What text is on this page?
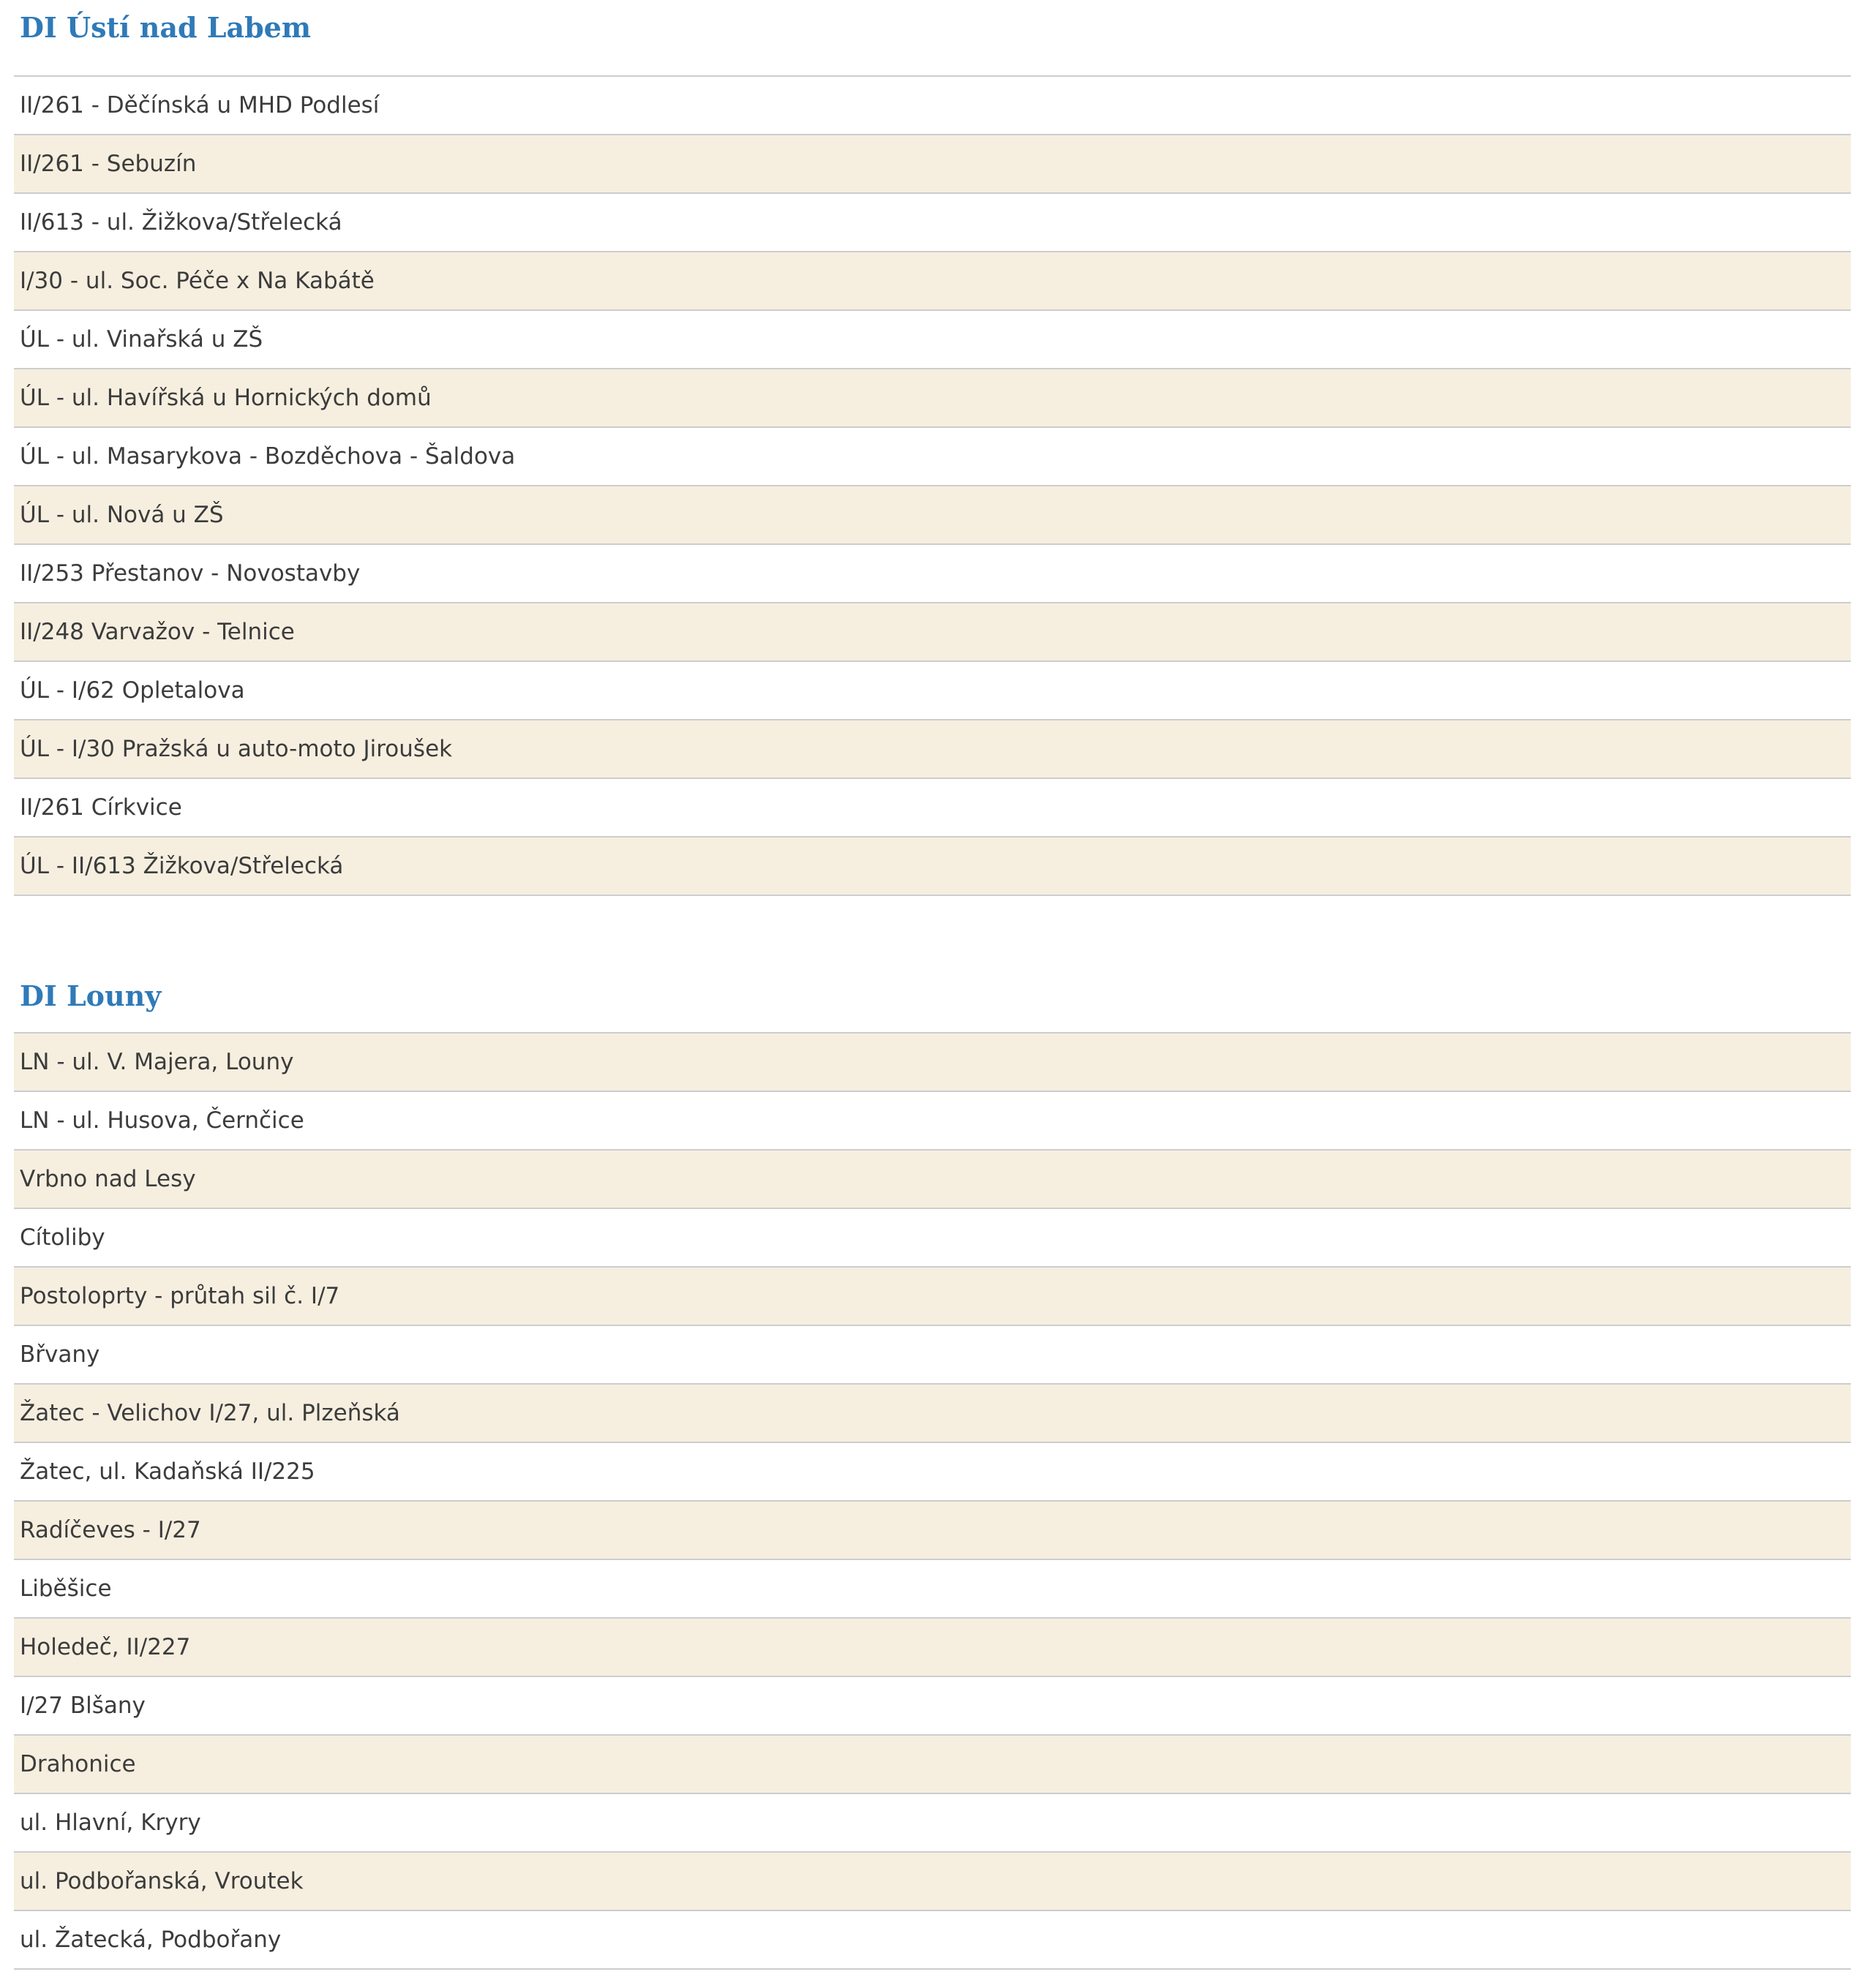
DI Ústí nad Labem
II/261 - Děčínská u MHD Podlesí
II/261 - Sebuzín
II/613 - ul. Žižkova/Střelecká
I/30 - ul. Soc. Péče x Na Kabátě
ÚL - ul. Vinařská u ZŠ
ÚL - ul. Havířská u Hornických domů
ÚL - ul. Masarykova - Bozděchova - Šaldova
ÚL - ul. Nová u ZŠ
II/253 Přestanov - Novostavby
II/248 Varvažov - Telnice
ÚL - I/62 Opletalova
ÚL - I/30 Pražská u auto-moto Jiroušek
II/261 Církvice
ÚL - II/613 Žižkova/Střelecká
DI Louny
LN - ul. V. Majera, Louny
LN - ul. Husova, Černčice
Vrbno nad Lesy
Cítoliby
Postoloprty - průtah sil č. I/7
Břvany
Žatec - Velichov I/27, ul. Plzeňská
Žatec, ul. Kadaňská II/225
Radíčeves - I/27
Liběšice
Holedeč, II/227
I/27 Blšany
Drahonice
ul. Hlavní, Kryry
ul. Podbořanská, Vroutek
ul. Žatecká, Podbořany
